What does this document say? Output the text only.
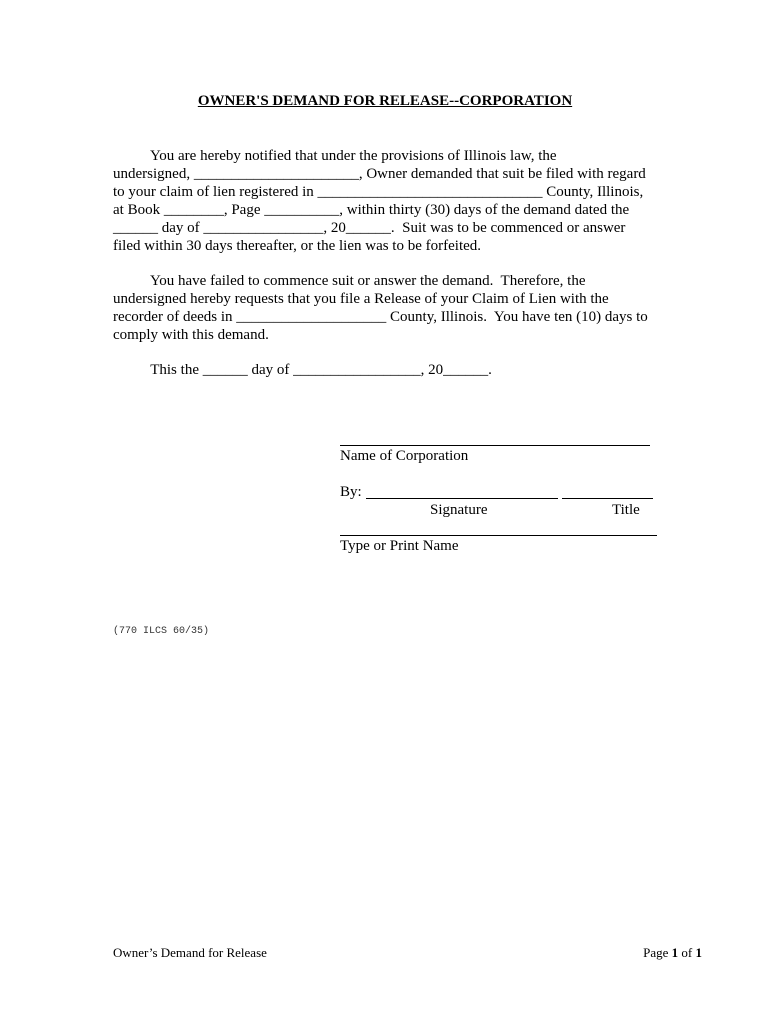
OWNER'S DEMAND FOR RELEASE--CORPORATION
You are hereby notified that under the provisions of Illinois law, the
undersigned, ______________________, Owner demanded that suit be filed with regard
to your claim of lien registered in ______________________________ County, Illinois,
at Book ________, Page __________, within thirty (30) days of the demand dated the
______ day of ________________, 20______.  Suit was to be commenced or answer
filed within 30 days thereafter, or the lien was to be forfeited.
You have failed to commence suit or answer the demand.  Therefore, the
undersigned hereby requests that you file a Release of your Claim of Lien with the
recorder of deeds in ____________________ County, Illinois.  You have ten (10) days to
comply with this demand.
This the ______ day of _________________, 20______.
Name of Corporation
By:
Signature	Title
Type or Print Name
(770 ILCS 60/35)
Owner’s Demand for Release	Page 1 of 1
